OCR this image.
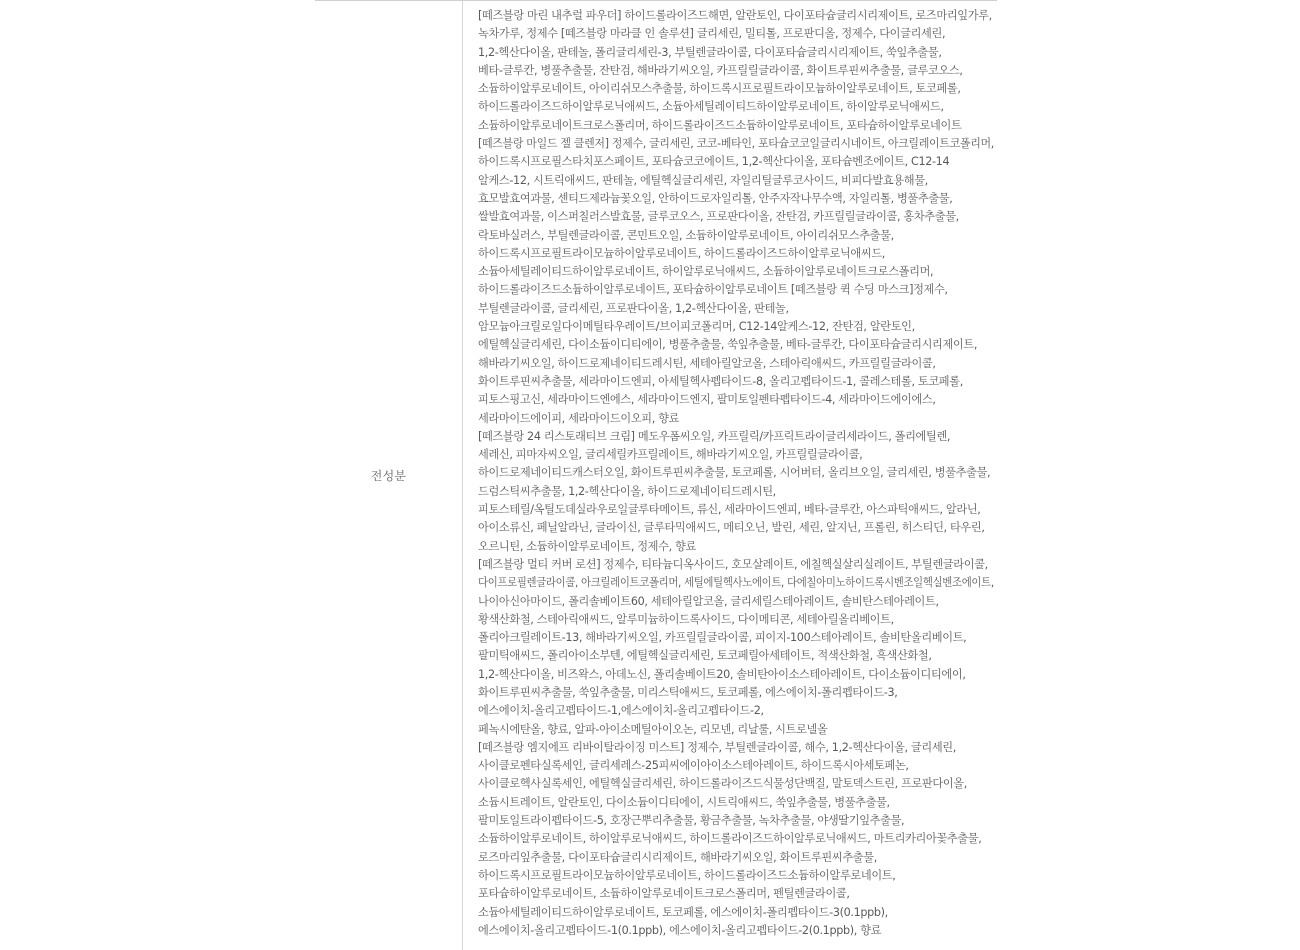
전성분
[떼즈블랑 마린 내추럴 파우더] 하이드롤라이즈드해면, 알란토인, 다이포타슘글리시리제이트, 로즈마리잎가루,
녹차가루, 정제수 [떼즈블랑 마라클 인 솔루션] 글리세린, 밀티톨, 프로판디올, 정제수, 다이글리세린,
1,2-헥산다이올, 판테놀, 폴리글리세린-3, 부틸렌글라이콜, 다이포타슘글리시리제이트, 쑥잎추출물,
베타-글루칸, 병풀추출물, 잔탄검, 해바라기씨오일, 카프릴릴글라이콜, 화이트루핀씨추출물, 글루코오스,
소듐하이알루로네이트, 아이리쉬모스추출물, 하이드록시프로필트라이모늄하이알루로네이트, 토코페롤,
하이드롤라이즈드하이알루로닉애씨드, 소듐아세틸레이티드하이알루로네이트, 하이알루로닉애씨드,
소듐하이알루로네이트크로스폴리머, 하이드롤라이즈드소듐하이알루로네이트, 포타슘하이알루로네이트
[떼즈블랑 마일드 젤 클렌저] 정제수, 글리세린, 코코-베타인, 포타슘코코일글리시네이트, 아크릴레이트코폴리머,
하이드록시프로필스타치포스페이트, 포타슘코코에이트, 1,2-헥산다이올, 포타슘벤조에이트, C12-14
알케스-12, 시트릭애씨드, 판테놀, 에틸헥실글리세린, 자일리틸글루코사이드, 비피다발효용해물,
효모발효여과물, 센티드제라늄꽃오일, 안하이드로자일리톨, 안주자작나무수액, 자일리톨, 병풀추출물,
쌀발효여과물, 이스퍼칠러스발효물, 글루코오스, 프로판다이올, 잔탄검, 카프릴릴글라이콜, 홍차추출물,
락토바실러스, 부틸렌글라이콜, 콘민트오일, 소듐하이알루로네이트, 아이리쉬모스추출물,
하이드록시프로필트라이모늄하이알루로네이트, 하이드롤라이즈드하이알루로닉애씨드,
소듐아세틸레이티드하이알루로네이트, 하이알루로닉애씨드, 소듐하이알루로네이트크로스폴리머,
하이드롤라이즈드소듐하이알루로네이트, 포타슘하이알루로네이트 [떼즈블랑 퀵 수딩 마스크]정제수,
부틸렌글라이콜, 글리세린, 프로판다이올, 1,2-헥산다이올, 판테놀,
암모늄아크릴로일다이메틸타우레이트/브이피코폴리머, C12-14알케스-12, 잔탄검, 알란토인,
에틸헥실글리세린, 다이소듐이디티에이, 병풀추출물, 쑥잎추출물, 베타-글루칸, 다이포타슘글리시리제이트,
해바라기씨오일, 하이드로제네이티드레시틴, 세테아릴알코올, 스테아릭애씨드, 카프릴릴글라이콜,
화이트루핀씨추출물, 세라마이드엔피, 아세틸헥사펩타이드-8, 올리고펩타이드-1, 콜레스테롤, 토코페롤,
피토스핑고신, 세라마이드엔에스, 세라마이드엔지, 팔미토일펜타펩타이드-4, 세라마이드에이에스,
세라마이드에이피, 세라마이드이오피, 향료
[떼즈블랑 24 리스토래티브 크림] 메도우폼씨오일, 카프릴릭/카프릭트라이글리세라이드, 폴리에틸렌,
세레신, 피마자씨오일, 글리세릴카프릴레이트, 해바라기씨오일, 카프릴릴글라이콜,
하이드로제네이티드캐스터오일, 화이트루핀씨추출물, 토코페롤, 시어버터, 올리브오일, 글리세린, 병풀추출물,
드럼스틱씨추출물, 1,2-헥산다이올, 하이드로제네이티드레시틴,
피토스테릴/옥틸도데실라우로일글루타메이트, 류신, 세라마이드엔피, 베타-글루칸, 아스파틱애씨드, 알라닌,
아이소류신, 페닐알라닌, 글라이신, 글루타믹애씨드, 메티오닌, 발린, 세린, 알지닌, 프롤린, 히스티딘, 타우린,
오르니틴, 소듐하이알루로네이트, 정제수, 향료
[떼즈블랑 멀티 커버 로션] 정제수, 티타늄디옥사이드, 호모살레이트, 에칠헥실살리실레이트, 부틸렌글라이콜,
다이프로필렌글라이콜, 아크릴레이트코폴리머, 세틸에틸헥사노에이트, 다에칠아미노하이드록시벤조일헥실벤조에이트,
나이아신아마이드, 폴리솔베이트60, 세테아릴알코올, 글리세릴스테아레이트, 솔비탄스테아레이트,
황색산화철, 스테아릭애씨드, 알루미늄하이드록사이드, 다이메티콘, 세테아릴올리베이트,
폴리아크릴레이트-13, 해바라기씨오일, 카프릴릴글라이콜, 피이지-100스테아레이트, 솔비탄올리베이트,
팔미틱애씨드, 폴리아이소부텐, 에틸헥실글리세린, 토코페릴아세테이트, 적색산화철, 흑색산화철,
1,2-헥산다이올, 비즈왁스, 아데노신, 폴리솔베이트20, 솔비탄아이소스테아레이트, 다이소듐이디티에이,
화이트루핀씨추출물, 쑥잎추출물, 미리스틱애씨드, 토코페롤, 에스에이치-폴리펩타이드-3,
에스에이치-올리고펩타이드-1,에스에이치-올리고펩타이드-2,
페녹시에탄올, 향료, 알파-아이소메틸아이오논, 리모넨, 리날룰, 시트로넬올
[떼즈블랑 엠지에프 리바이탈라이징 미스트] 정제수, 부틸렌글라이콜, 해수, 1,2-헥산다이올, 글리세린,
사이클로펜타실록세인, 글리세레스-25피씨에이아이소스테아레이트, 하이드록시아세토페논,
사이클로헥사실록세인, 에틸헥실글리세린, 하이드롤라이즈드식물성단백질, 말토덱스트린, 프로판다이올,
소듐시트레이트, 알란토인, 다이소듐이디티에이, 시트릭애씨드, 쑥잎추출물, 병풀추출물,
팔미토일트라이펩타이드-5, 호장근뿌리추출물, 황금추출물, 녹차추출물, 야생딸기잎추출물,
소듐하이알루로네이트, 하이알루로닉애씨드, 하이드롤라이즈드하이알루로닉애씨드, 마트리카리아꽃추출물,
로즈마리잎추출물, 다이포타슘글리시리제이트, 해바라기씨오일, 화이트루핀씨추출물,
하이드록시프로필트라이모늄하이알루로네이트, 하이드롤라이즈드소듐하이알루로네이트,
포타슘하이알루로네이트, 소듐하이알루로네이트크로스폴리머, 펜틸렌글라이콜,
소듐아세틸레이티드하이알루로네이트, 토코페롤, 에스에이치-폴리펩타이드-3(0.1ppb),
에스에이치-올리고펩타이드-1(0.1ppb), 에스에이치-올리고펩타이드-2(0.1ppb), 향료
